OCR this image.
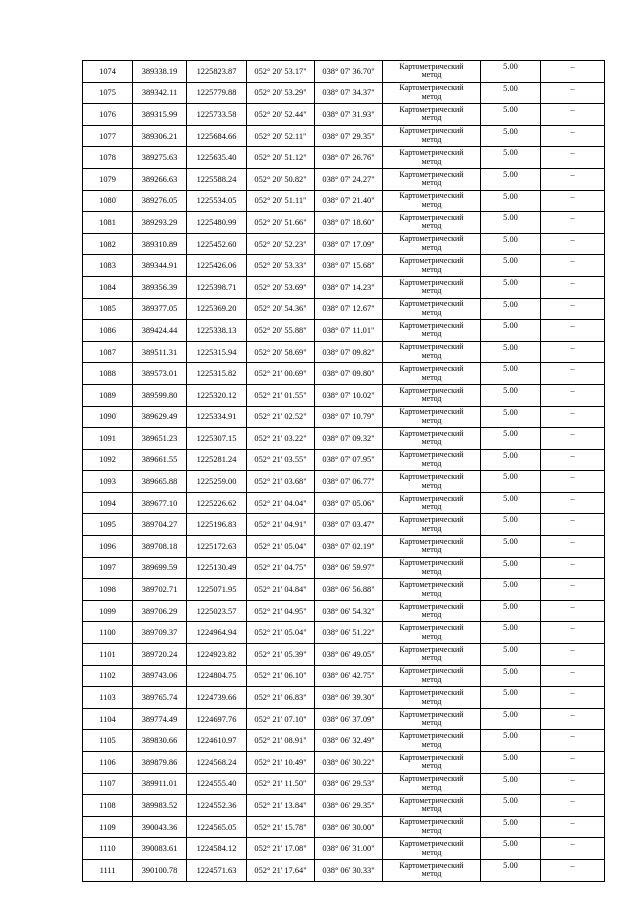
1074	389338.19	1225823.87	052° 20' 53.17"	038° 07' 36.70"	Картометрический
метод	5.00	–
1075	389342.11	1225779.88	052° 20' 53.29"	038° 07' 34.37"	Картометрический
метод	5.00	–
1076	389315.99	1225733.58	052° 20' 52.44"	038° 07' 31.93"	Картометрический
метод	5.00	–
1077	389306.21	1225684.66	052° 20' 52.11"	038° 07' 29.35"	Картометрический
метод	5.00	–
1078	389275.63	1225635.40	052° 20' 51.12"	038° 07' 26.76"	Картометрический
метод	5.00	–
1079	389266.63	1225588.24	052° 20' 50.82"	038° 07' 24.27"	Картометрический
метод	5.00	–
1080	389276.05	1225534.05	052° 20' 51.11"	038° 07' 21.40"	Картометрический
метод	5.00	–
1081	389293.29	1225480.99	052° 20' 51.66"	038° 07' 18.60"	Картометрический
метод	5.00	–
1082	389310.89	1225452.60	052° 20' 52.23"	038° 07' 17.09"	Картометрический
метод	5.00	–
1083	389344.91	1225426.06	052° 20' 53.33"	038° 07' 15.68"	Картометрический
метод	5.00	–
1084	389356.39	1225398.71	052° 20' 53.69"	038° 07' 14.23"	Картометрический
метод	5.00	–
1085	389377.05	1225369.20	052° 20' 54.36"	038° 07' 12.67"	Картометрический
метод	5.00	–
1086	389424.44	1225338.13	052° 20' 55.88"	038° 07' 11.01"	Картометрический
метод	5.00	–
1087	389511.31	1225315.94	052° 20' 58.69"	038° 07' 09.82"	Картометрический
метод	5.00	–
1088	389573.01	1225315.82	052° 21' 00.69"	038° 07' 09.80"	Картометрический
метод	5.00	–
1089	389599.80	1225320.12	052° 21' 01.55"	038° 07' 10.02"	Картометрический
метод	5.00	–
1090	389629.49	1225334.91	052° 21' 02.52"	038° 07' 10.79"	Картометрический
метод	5.00	–
1091	389651.23	1225307.15	052° 21' 03.22"	038° 07' 09.32"	Картометрический
метод	5.00	–
1092	389661.55	1225281.24	052° 21' 03.55"	038° 07' 07.95"	Картометрический
метод	5.00	–
1093	389665.88	1225259.00	052° 21' 03.68"	038° 07' 06.77"	Картометрический
метод	5.00	–
1094	389677.10	1225226.62	052° 21' 04.04"	038° 07' 05.06"	Картометрический
метод	5.00	–
1095	389704.27	1225196.83	052° 21' 04.91"	038° 07' 03.47"	Картометрический
метод	5.00	–
1096	389708.18	1225172.63	052° 21' 05.04"	038° 07' 02.19"	Картометрический
метод	5.00	–
1097	389699.59	1225130.49	052° 21' 04.75"	038° 06' 59.97"	Картометрический
метод	5.00	–
1098	389702.71	1225071.95	052° 21' 04.84"	038° 06' 56.88"	Картометрический
метод	5.00	–
1099	389706.29	1225023.57	052° 21' 04.95"	038° 06' 54.32"	Картометрический
метод	5.00	–
1100	389709.37	1224964.94	052° 21' 05.04"	038° 06' 51.22"	Картометрический
метод	5.00	–
1101	389720.24	1224923.82	052° 21' 05.39"	038° 06' 49.05"	Картометрический
метод	5.00	–
1102	389743.06	1224804.75	052° 21' 06.10"	038° 06' 42.75"	Картометрический
метод	5.00	–
1103	389765.74	1224739.66	052° 21' 06.83"	038° 06' 39.30"	Картометрический
метод	5.00	–
1104	389774.49	1224697.76	052° 21' 07.10"	038° 06' 37.09"	Картометрический
метод	5.00	–
1105	389830.66	1224610.97	052° 21' 08.91"	038° 06' 32.49"	Картометрический
метод	5.00	–
1106	389879.86	1224568.24	052° 21' 10.49"	038° 06' 30.22"	Картометрический
метод	5.00	–
1107	389911.01	1224555.40	052° 21' 11.50"	038° 06' 29.53"	Картометрический
метод	5.00	–
1108	389983.52	1224552.36	052° 21' 13.84"	038° 06' 29.35"	Картометрический
метод	5.00	–
1109	390043.36	1224565.05	052° 21' 15.78"	038° 06' 30.00"	Картометрический
метод	5.00	–
1110	390083.61	1224584.12	052° 21' 17.08"	038° 06' 31.00"	Картометрический
метод	5.00	–
1111	390100.78	1224571.63	052° 21' 17.64"	038° 06' 30.33"	Картометрический
метод	5.00	–
